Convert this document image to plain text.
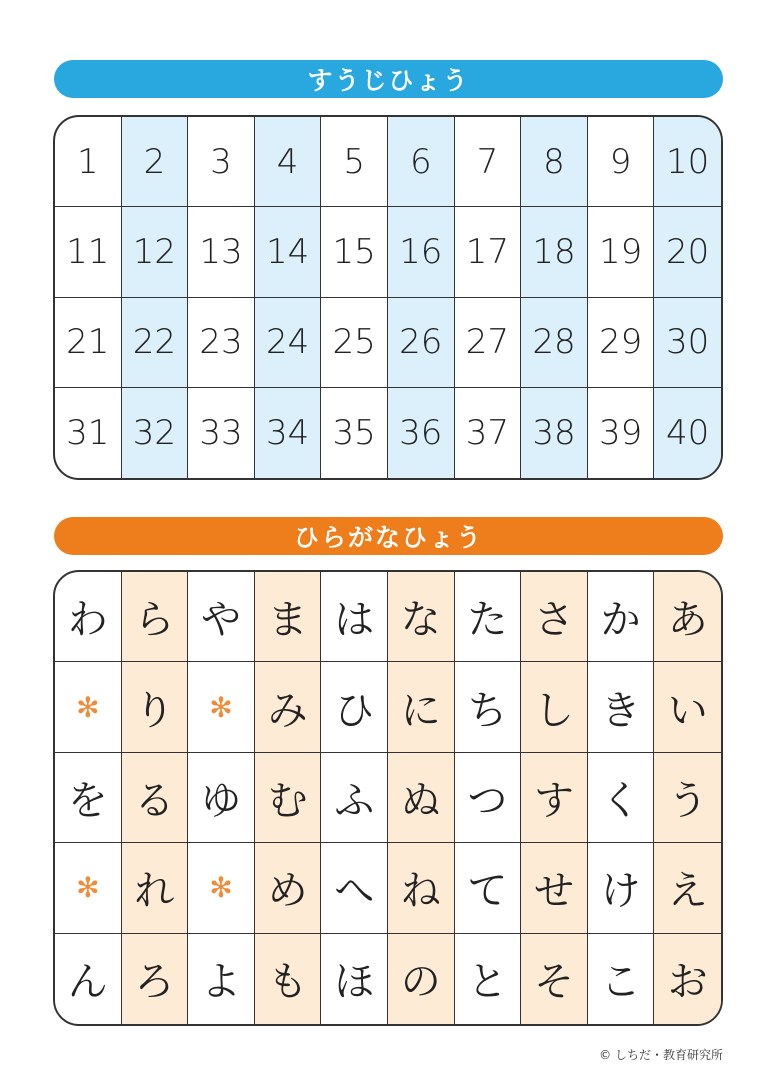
すうじひょう
1	2	3	4	5	6	7	8	9	10
11 12 13 14 15 16 17 18 19 20
21 22 23 24 25 26 27 28 29 30
31 32 33 34 35 36 37 38 39 40
ひらがなひょう
わ ら や ま は な た さ か あ
✻ り	✻ み ひ に ち し き い
を る ゆ む ふ ぬ つ す く う
✻ れ	✻ め へ ね て せ け え
ん ろ よ も ほ の と そ こ お
© しちだ・教育研究所
